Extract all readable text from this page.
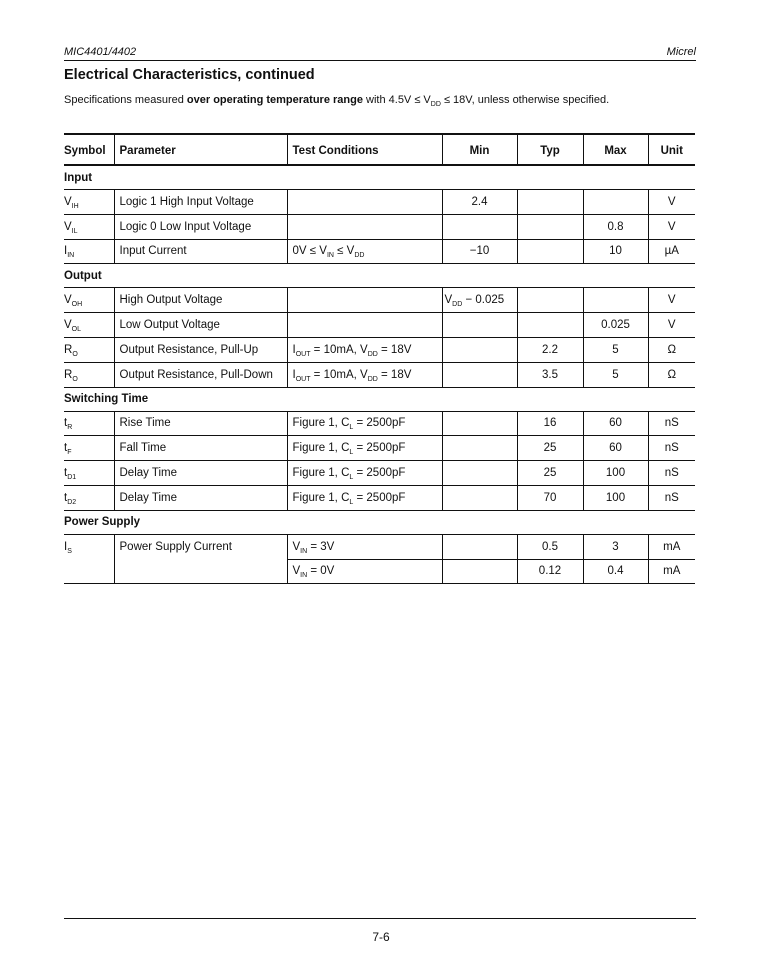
MIC4401/4402	Micrel
Electrical Characteristics, continued
Specifications measured over operating temperature range with $4.5V \le V_{DD} \le 18V$, unless otherwise specified.
Symbol	Parameter	Test Conditions	Min	Typ	Max	Unit
Input						
$V_{IH}$	Logic 1 High Input Voltage		2.4			V
$V_{IL}$	Logic 0 Low Input Voltage				0.8	V
$I_{IN}$	Input Current	$0V \le V_{IN} \le V_{DD}$	−10		10	µA
Output						
$V_{OH}$	High Output Voltage		$V_{DD} - 0.025$			V
$V_{OL}$	Low Output Voltage				0.025	V
$R_O$	Output Resistance, Pull-Up	$I_{OUT} = 10mA$, $V_{DD} = 18V$		2.2	5	Ω
$R_O$	Output Resistance, Pull-Down	$I_{OUT} = 10mA$, $V_{DD} = 18V$		3.5	5	Ω
Switching Time						
$t_R$	Rise Time	Figure 1, $C_L = 2500pF$		16	60	nS
$t_F$	Fall Time	Figure 1, $C_L = 2500pF$		25	60	nS
$t_{D1}$	Delay Time	Figure 1, $C_L = 2500pF$		25	100	nS
$t_{D2}$	Delay Time	Figure 1, $C_L = 2500pF$		70	100	nS
Power Supply						
$I_S$	Power Supply Current	$V_{IN} = 3V$		0.5	3	mA
		$V_{IN} = 0V$		0.12	0.4	mA
7-6
